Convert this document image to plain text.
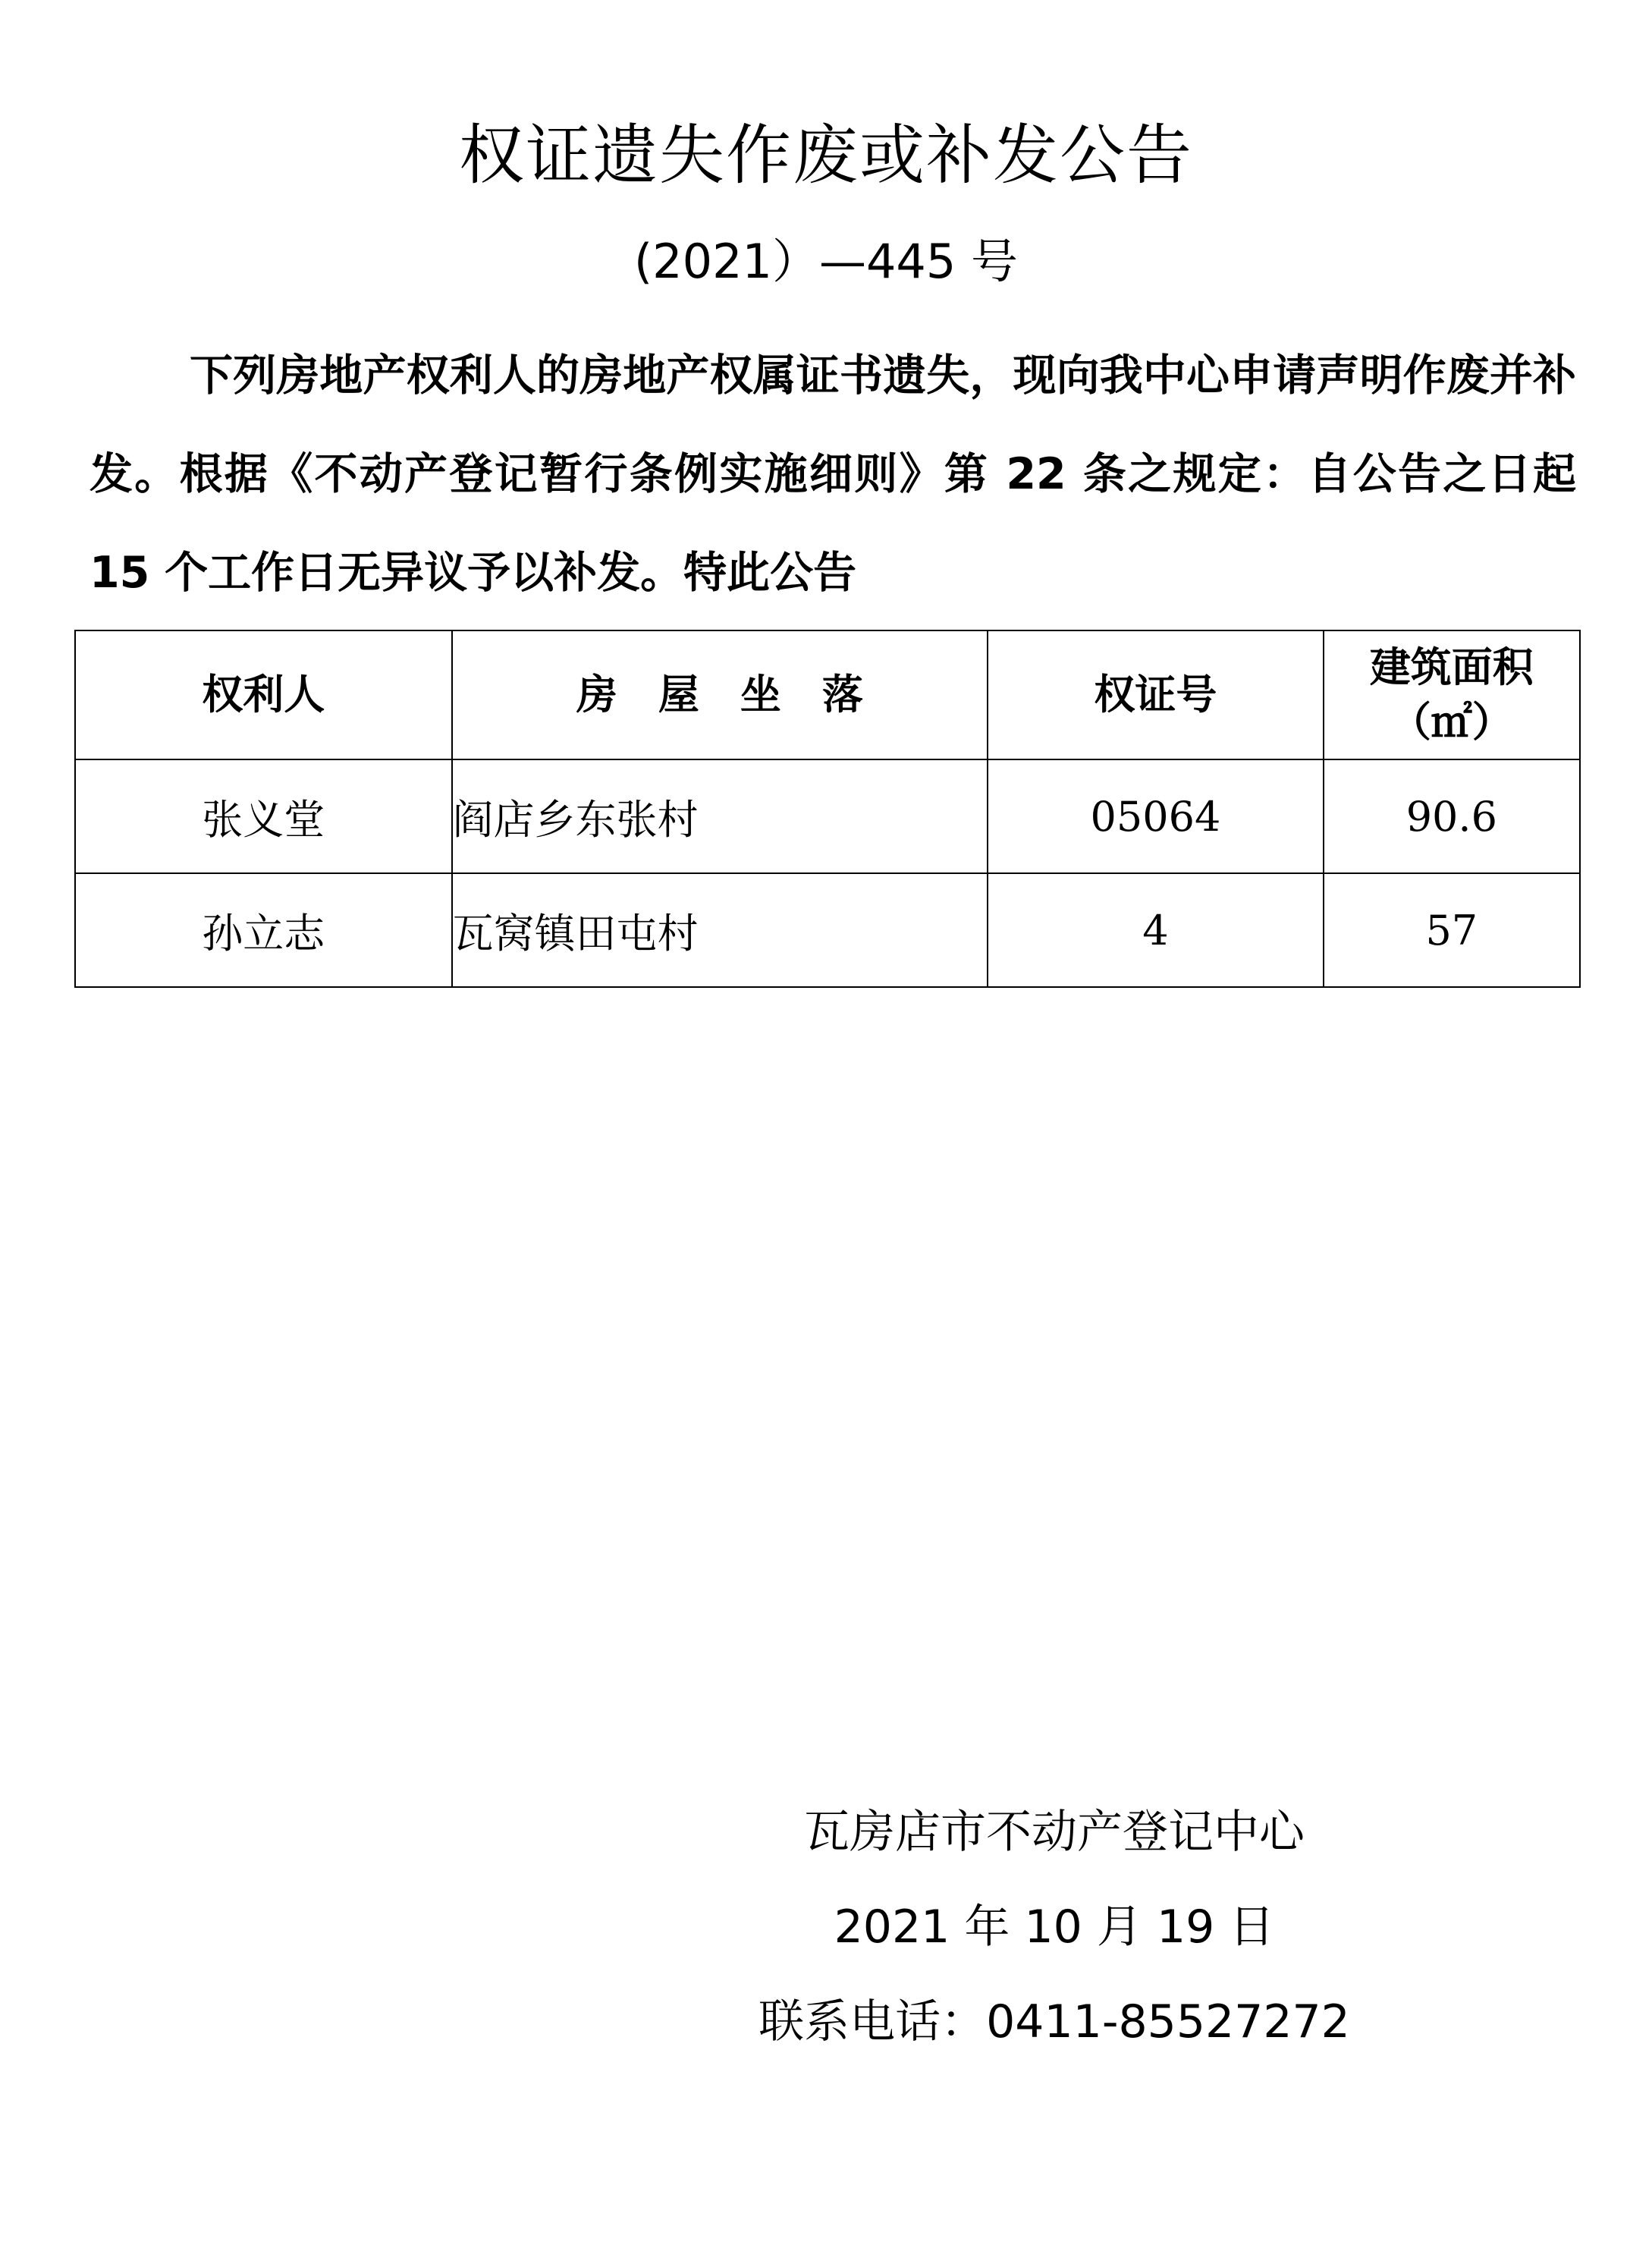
权证遗失作废或补发公告
(2021）—445 号
下列房地产权利人的房地产权属证书遗失，现向我中心申请声明作废并补发。根据《不动产登记暂行条例实施细则》第 22 条之规定：自公告之日起 15 个工作日无异议予以补发。特此公告
权利人	房　屋　坐　落	权证号	建筑面积
（㎡）

张义堂	阎店乡东张村	05064	90.6
孙立志	瓦窝镇田屯村	4	57
瓦房店市不动产登记中心
2021 年 10 月 19 日
联系电话：0411-85527272
